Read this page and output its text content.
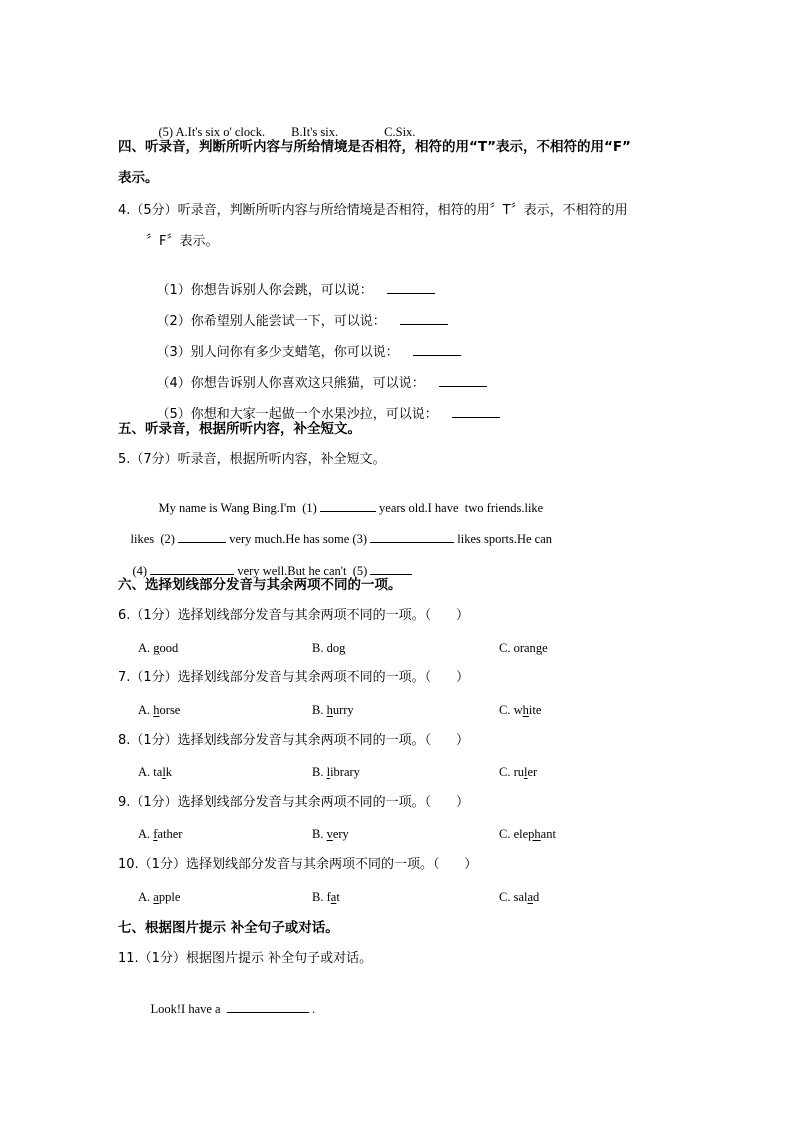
(5) A.It's six o' clock. B.It's six.	C.Six.

四、听录音，判断所听内容与所给情境是否相符，相符的用“T”表示，不相符的用“F”
表示。
4.（5分）听录音，判断所听内容与所给情境是否相符，相符的用〞T〞表示，不相符的用
〞F〞表示。

（1）你想告诉别人你会跳，可以说：

（2）你希望别人能尝试一下，可以说：

（3）别人问你有多少支蜡笔，你可以说：

（4）你想告诉别人你喜欢这只熊猫，可以说：

（5）你想和大家一起做一个水果沙拉，可以说：

五、听录音，根据所听内容，补全短文。
5.（7分）听录音，根据所听内容，补全短文。

My name is Wang Bing.I'm  (1)	years old.I have  two friends.like

likes  (2)	very much.He has some (3)	likes sports.He can

(4)	very well.But he can't  (5)

六、选择划线部分发音与其余两项不同的一项。
6.（1分）选择划线部分发音与其余两项不同的一项。（      ）
A. good	B. dog	C. orange
7.（1分）选择划线部分发音与其余两项不同的一项。（      ）
A. horse	B. hurry	C. white
8.（1分）选择划线部分发音与其余两项不同的一项。（      ）
A. talk	B. library	C. ruler
9.（1分）选择划线部分发音与其余两项不同的一项。（      ）
A. father	B. very	C. elephant
10.（1分）选择划线部分发音与其余两项不同的一项。（      ）
A. apple	B. fat	C. salad
七、根据图片提示 补全句子或对话。
11.（1分）根据图片提示 补全句子或对话。

Look!I have a	.
